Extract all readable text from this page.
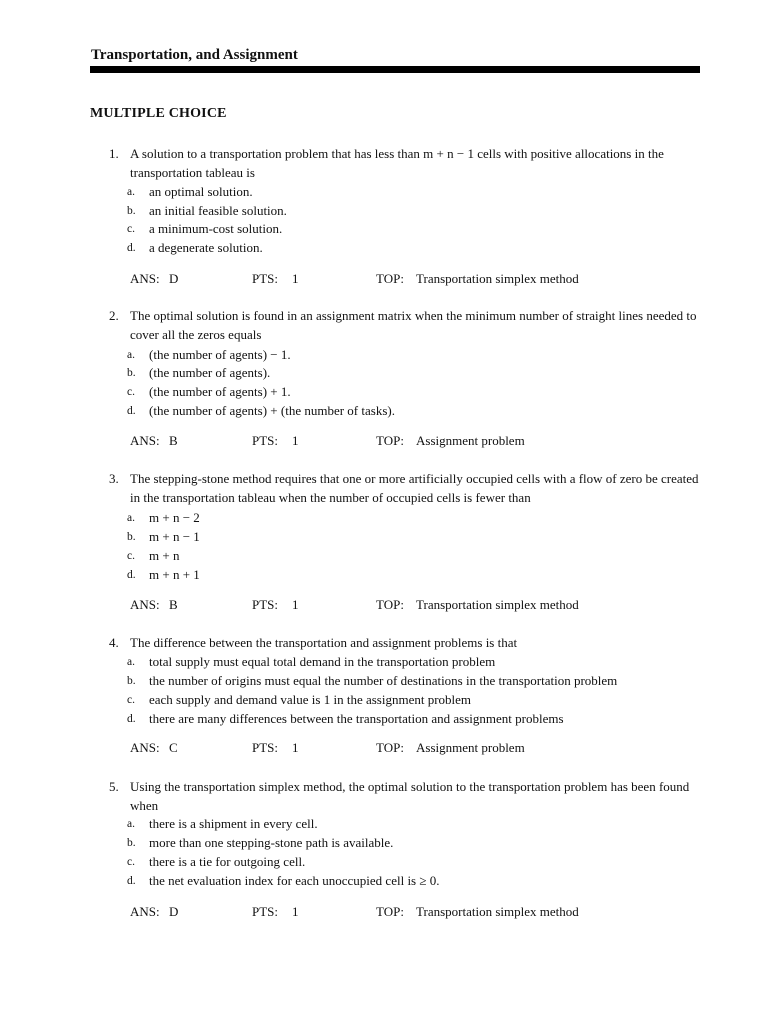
Transportation, and Assignment
MULTIPLE CHOICE
1. A solution to a transportation problem that has less than m + n − 1 cells with positive allocations in the transportation tableau is
a. an optimal solution.
b. an initial feasible solution.
c. a minimum-cost solution.
d. a degenerate solution.
ANS: D	PTS: 1	TOP: Transportation simplex method
2. The optimal solution is found in an assignment matrix when the minimum number of straight lines needed to cover all the zeros equals
a. (the number of agents) − 1.
b. (the number of agents).
c. (the number of agents) + 1.
d. (the number of agents) + (the number of tasks).
ANS: B	PTS: 1	TOP: Assignment problem
3. The stepping-stone method requires that one or more artificially occupied cells with a flow of zero be created in the transportation tableau when the number of occupied cells is fewer than
a. m + n − 2
b. m + n − 1
c. m + n
d. m + n + 1
ANS: B	PTS: 1	TOP: Transportation simplex method
4. The difference between the transportation and assignment problems is that
a. total supply must equal total demand in the transportation problem
b. the number of origins must equal the number of destinations in the transportation problem
c. each supply and demand value is 1 in the assignment problem
d. there are many differences between the transportation and assignment problems
ANS: C	PTS: 1	TOP: Assignment problem
5. Using the transportation simplex method, the optimal solution to the transportation problem has been found when
a. there is a shipment in every cell.
b. more than one stepping-stone path is available.
c. there is a tie for outgoing cell.
d. the net evaluation index for each unoccupied cell is ≥ 0.
ANS: D	PTS: 1	TOP: Transportation simplex method
